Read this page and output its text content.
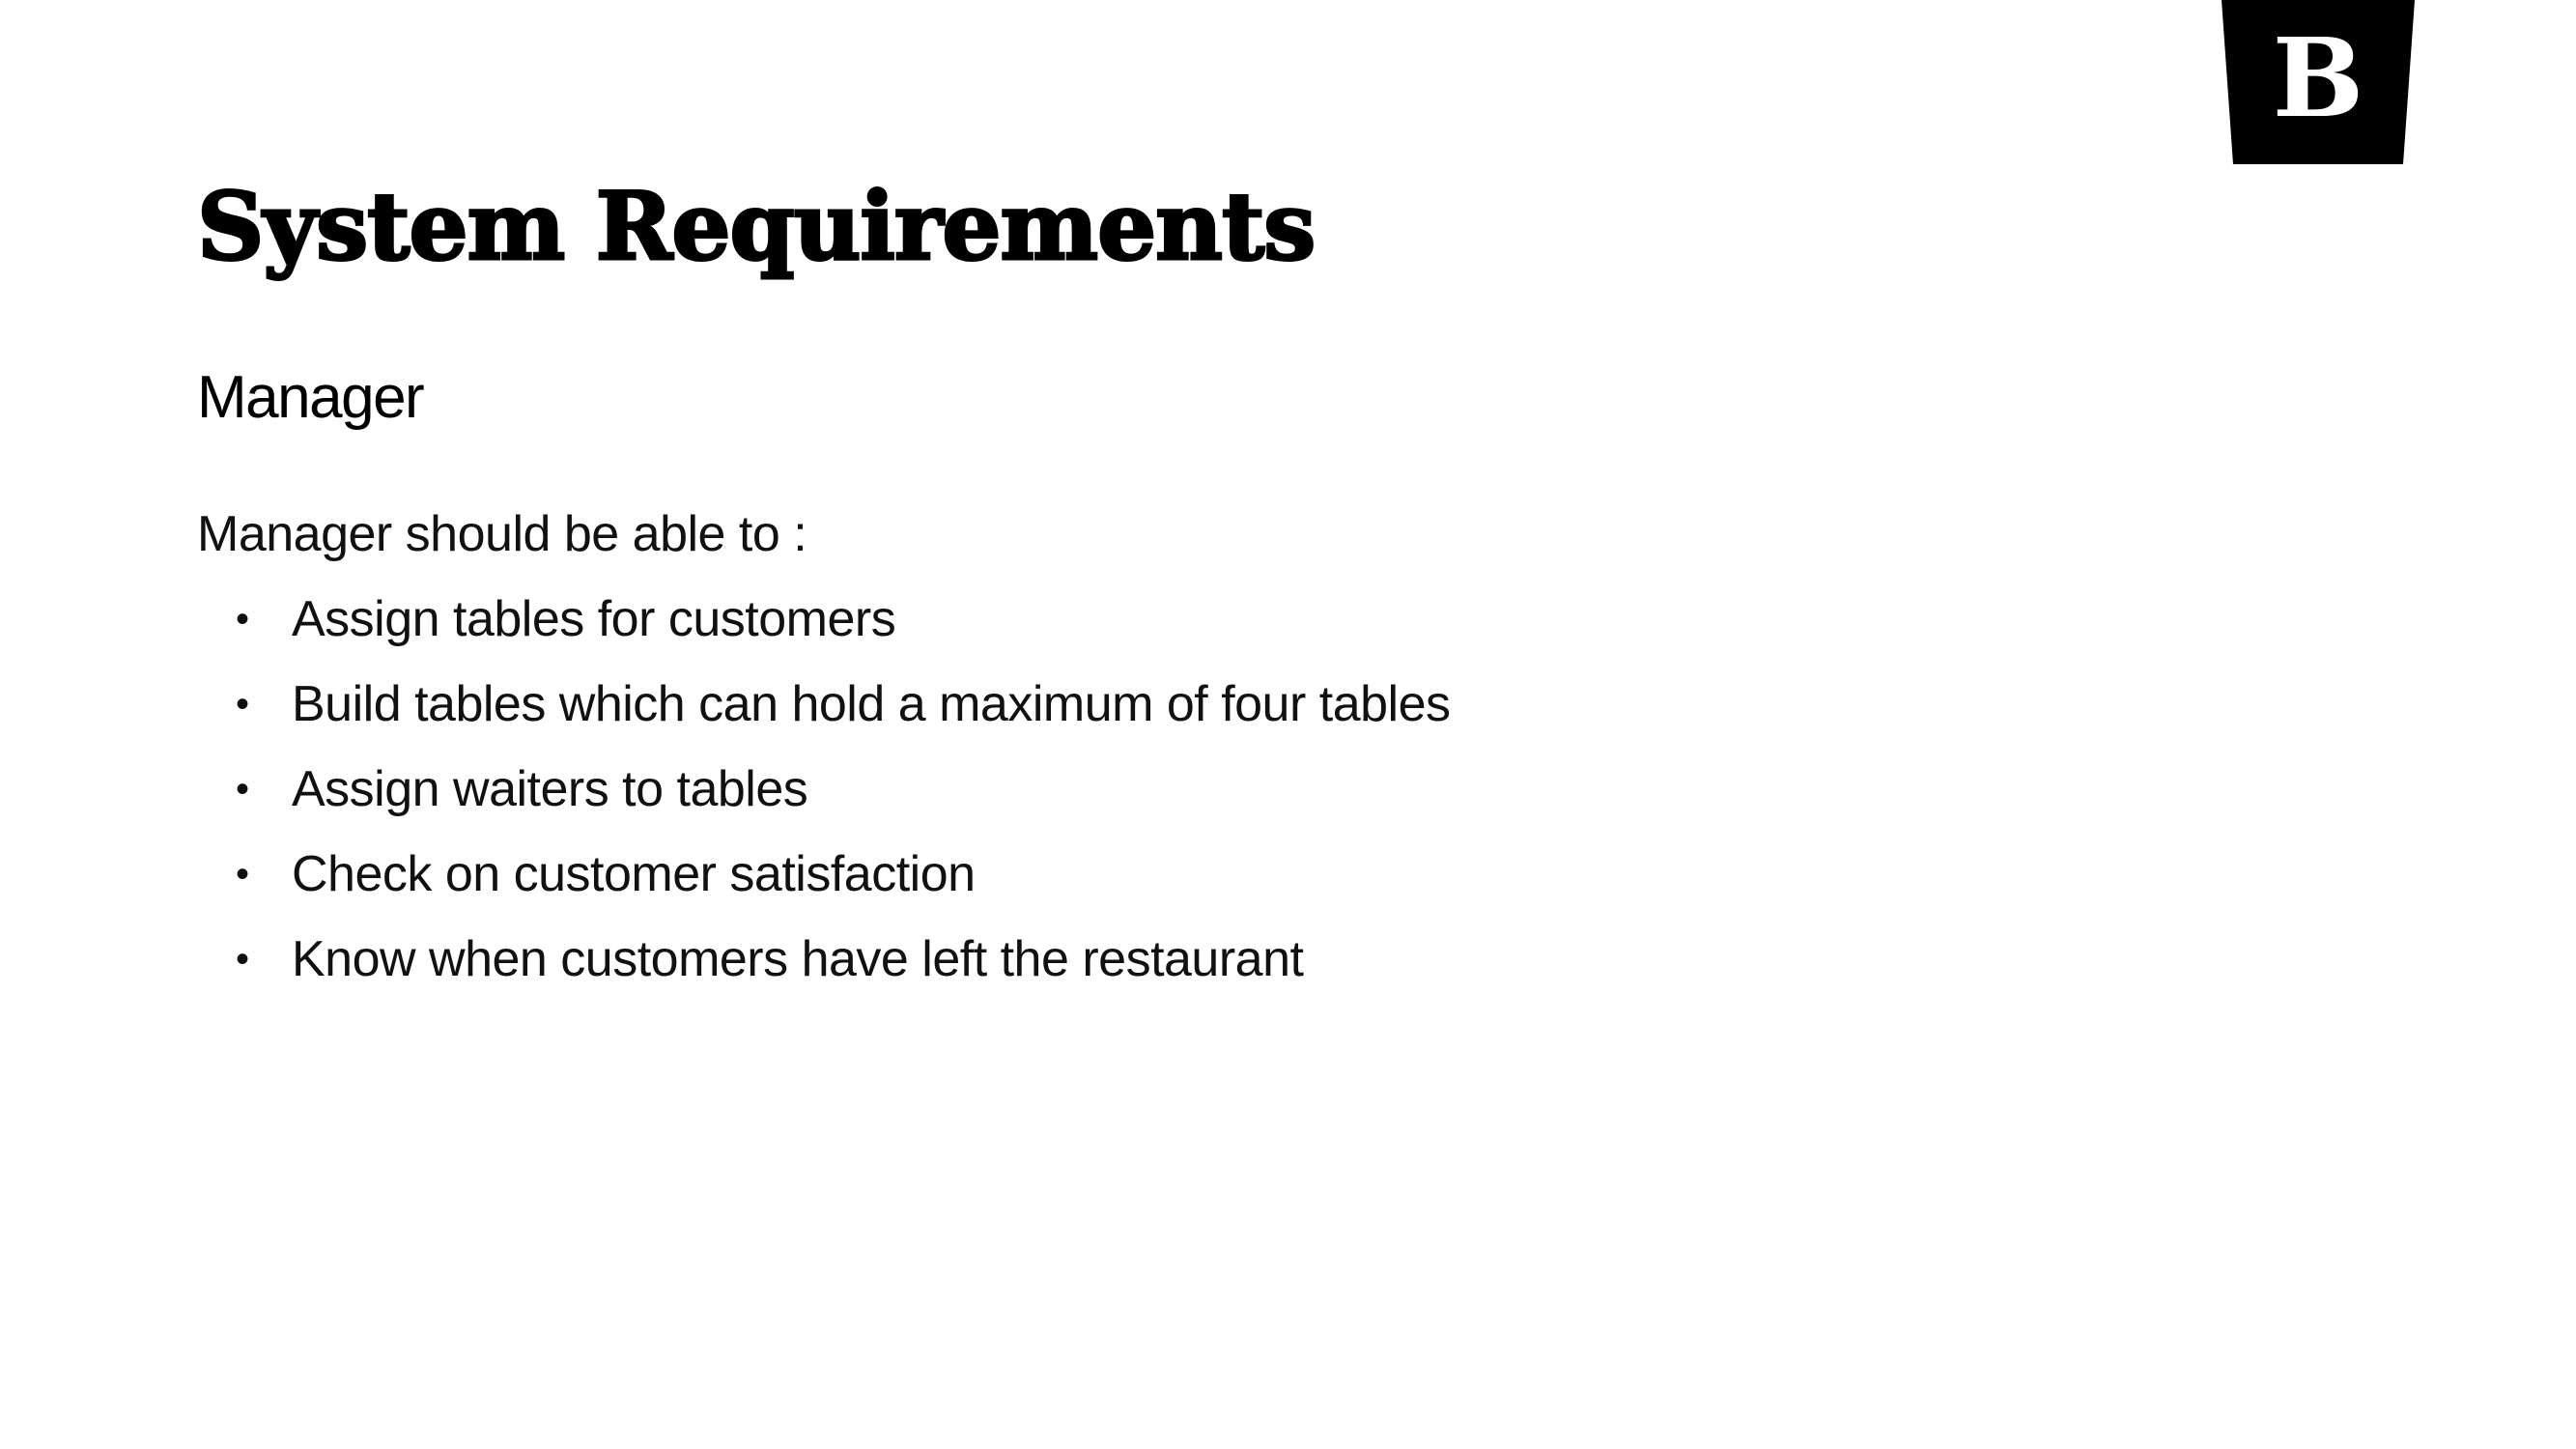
B
System Requirements
Manager

Manager should be able to :

• Assign tables for customers
• Build tables which can hold a maximum of four tables
• Assign waiters to tables
• Check on customer satisfaction
• Know when customers have left the restaurant
